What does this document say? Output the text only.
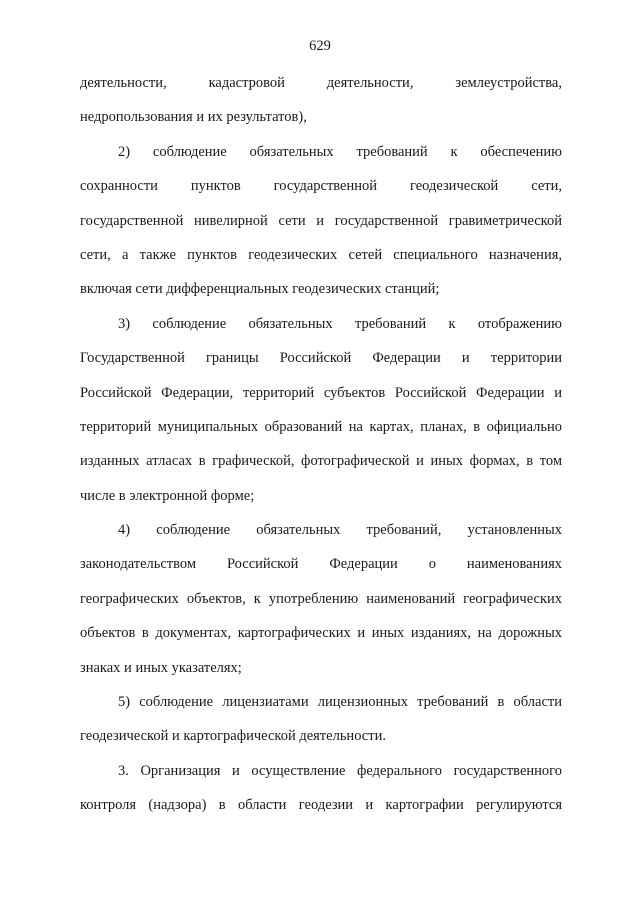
629
деятельности, кадастровой деятельности, землеустройства,
недропользования и их результатов),
2) соблюдение обязательных требований к обеспечению
сохранности пунктов государственной геодезической сети,
государственной нивелирной сети и государственной гравиметрической
сети, а также пунктов геодезических сетей специального назначения,
включая сети дифференциальных геодезических станций;
3) соблюдение обязательных требований к отображению
Государственной границы Российской Федерации и территории
Российской Федерации, территорий субъектов Российской Федерации и
территорий муниципальных образований на картах, планах, в официально
изданных атласах в графической, фотографической и иных формах, в том
числе в электронной форме;
4) соблюдение обязательных требований, установленных
законодательством Российской Федерации о наименованиях
географических объектов, к употреблению наименований географических
объектов в документах, картографических и иных изданиях, на дорожных
знаках и иных указателях;
5) соблюдение лицензиатами лицензионных требований в области
геодезической и картографической деятельности.
3. Организация и осуществление федерального государственного
контроля (надзора) в области геодезии и картографии регулируются
